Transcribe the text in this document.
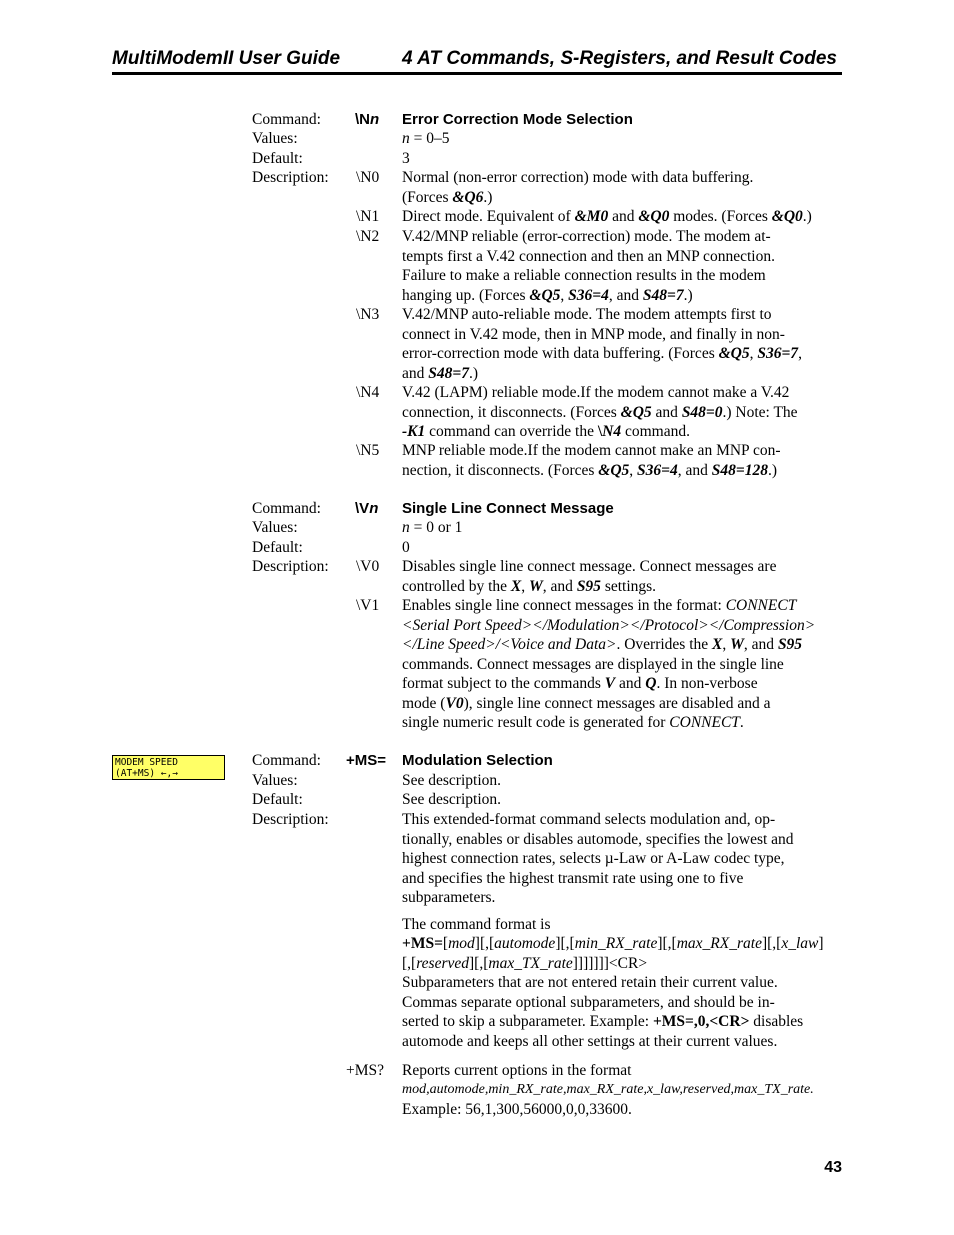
MultiModemII User Guide	4 AT Commands, S-Registers, and Result Codes
Command: \Nn Error Correction Mode Selection
Values:	n = 0–5
Default:	3
Description: \N0 Normal (non-error correction) mode with data buffering.
(Forces &Q6.)
\N1 Direct mode. Equivalent of &M0 and &Q0 modes. (Forces &Q0.)
\N2 V.42/MNP reliable (error-correction) mode. The modem at-
tempts first a V.42 connection and then an MNP connection.
Failure to make a reliable connection results in the modem
hanging up. (Forces &Q5, S36=4, and S48=7.)
\N3 V.42/MNP auto-reliable mode. The modem attempts first to
connect in V.42 mode, then in MNP mode, and finally in non-
error-correction mode with data buffering. (Forces &Q5, S36=7,
and S48=7.)
\N4 V.42 (LAPM) reliable mode.If the modem cannot make a V.42
connection, it disconnects. (Forces &Q5 and S48=0.) Note: The
-K1 command can override the \N4 command.
\N5 MNP reliable mode.If the modem cannot make an MNP con-
nection, it disconnects. (Forces &Q5, S36=4, and S48=128.)
Command: \Vn Single Line Connect Message
Values:	n = 0 or 1
Default:	0
Description: \V0 Disables single line connect message. Connect messages are
controlled by the X, W, and S95 settings.
\V1 Enables single line connect messages in the format: CONNECT
<Serial Port Speed></Modulation></Protocol></Compression>
</Line Speed>/<Voice and Data>. Overrides the X, W, and S95
commands. Connect messages are displayed in the single line
format subject to the commands V and Q. In non-verbose
mode (V0), single line connect messages are disabled and a
single numeric result code is generated for CONNECT.
MODEM SPEED
(AT+MS) ←,→
Command: +MS= Modulation Selection
Values:	See description.
Default:	See description.
Description:	This extended-format command selects modulation and, op-
tionally, enables or disables automode, specifies the lowest and
highest connection rates, selects µ-Law or A-Law codec type,
and specifies the highest transmit rate using one to five
subparameters.
The command format is
+MS=[mod][,[automode][,[min_RX_rate][,[max_RX_rate][,[x_law]
[,[reserved][,[max_TX_rate]]]]]]]<CR>
Subparameters that are not entered retain their current value.
Commas separate optional subparameters, and should be in-
serted to skip a subparameter. Example: +MS=,0,<CR> disables
automode and keeps all other settings at their current values.
+MS? Reports current options in the format
mod,automode,min_RX_rate,max_RX_rate,x_law,reserved,max_TX_rate.
Example: 56,1,300,56000,0,0,33600.
43
